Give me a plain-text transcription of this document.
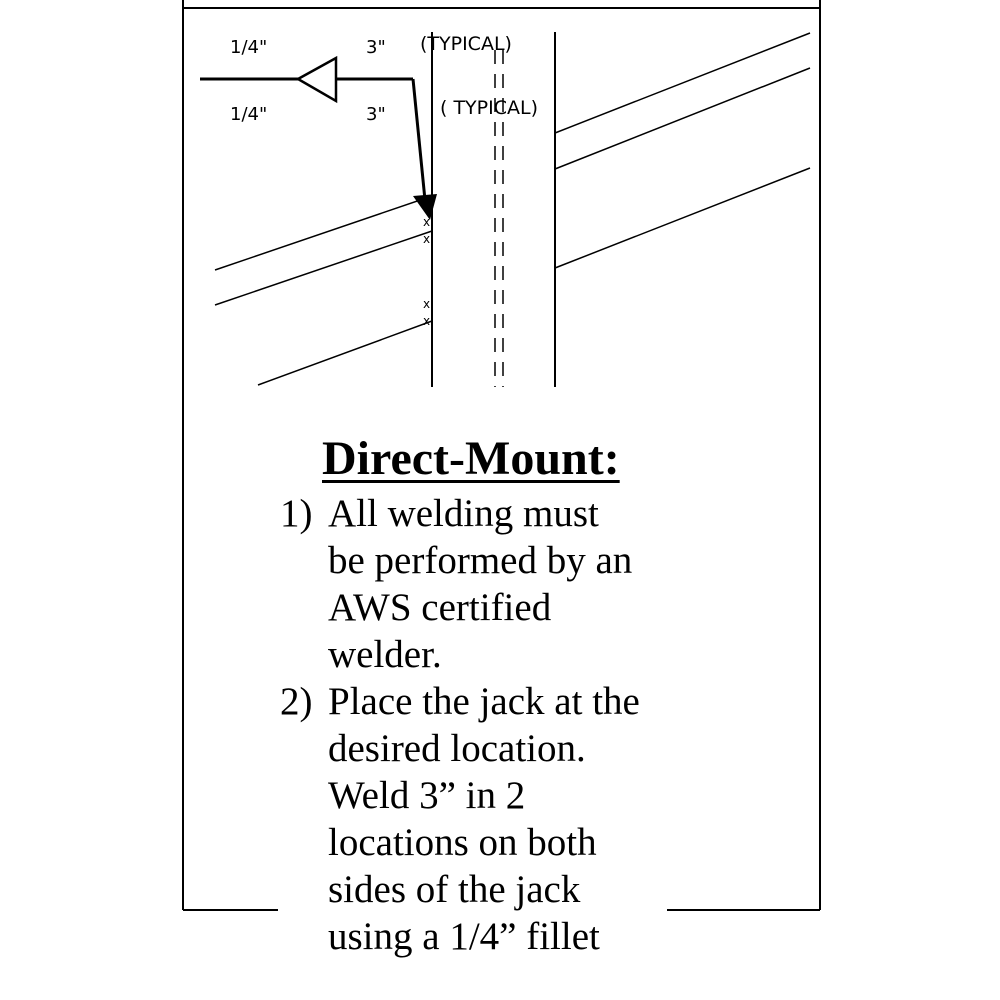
1/4"
1/4"
3"
3"
(TYPICAL)
( TYPICAL)
x
x
x
x
Direct-Mount:
1) All welding must
be performed by an
AWS certified
welder.
2) Place the jack at the
desired location.
Weld 3” in 2
locations on both
sides of the jack
using a 1/4” fillet
